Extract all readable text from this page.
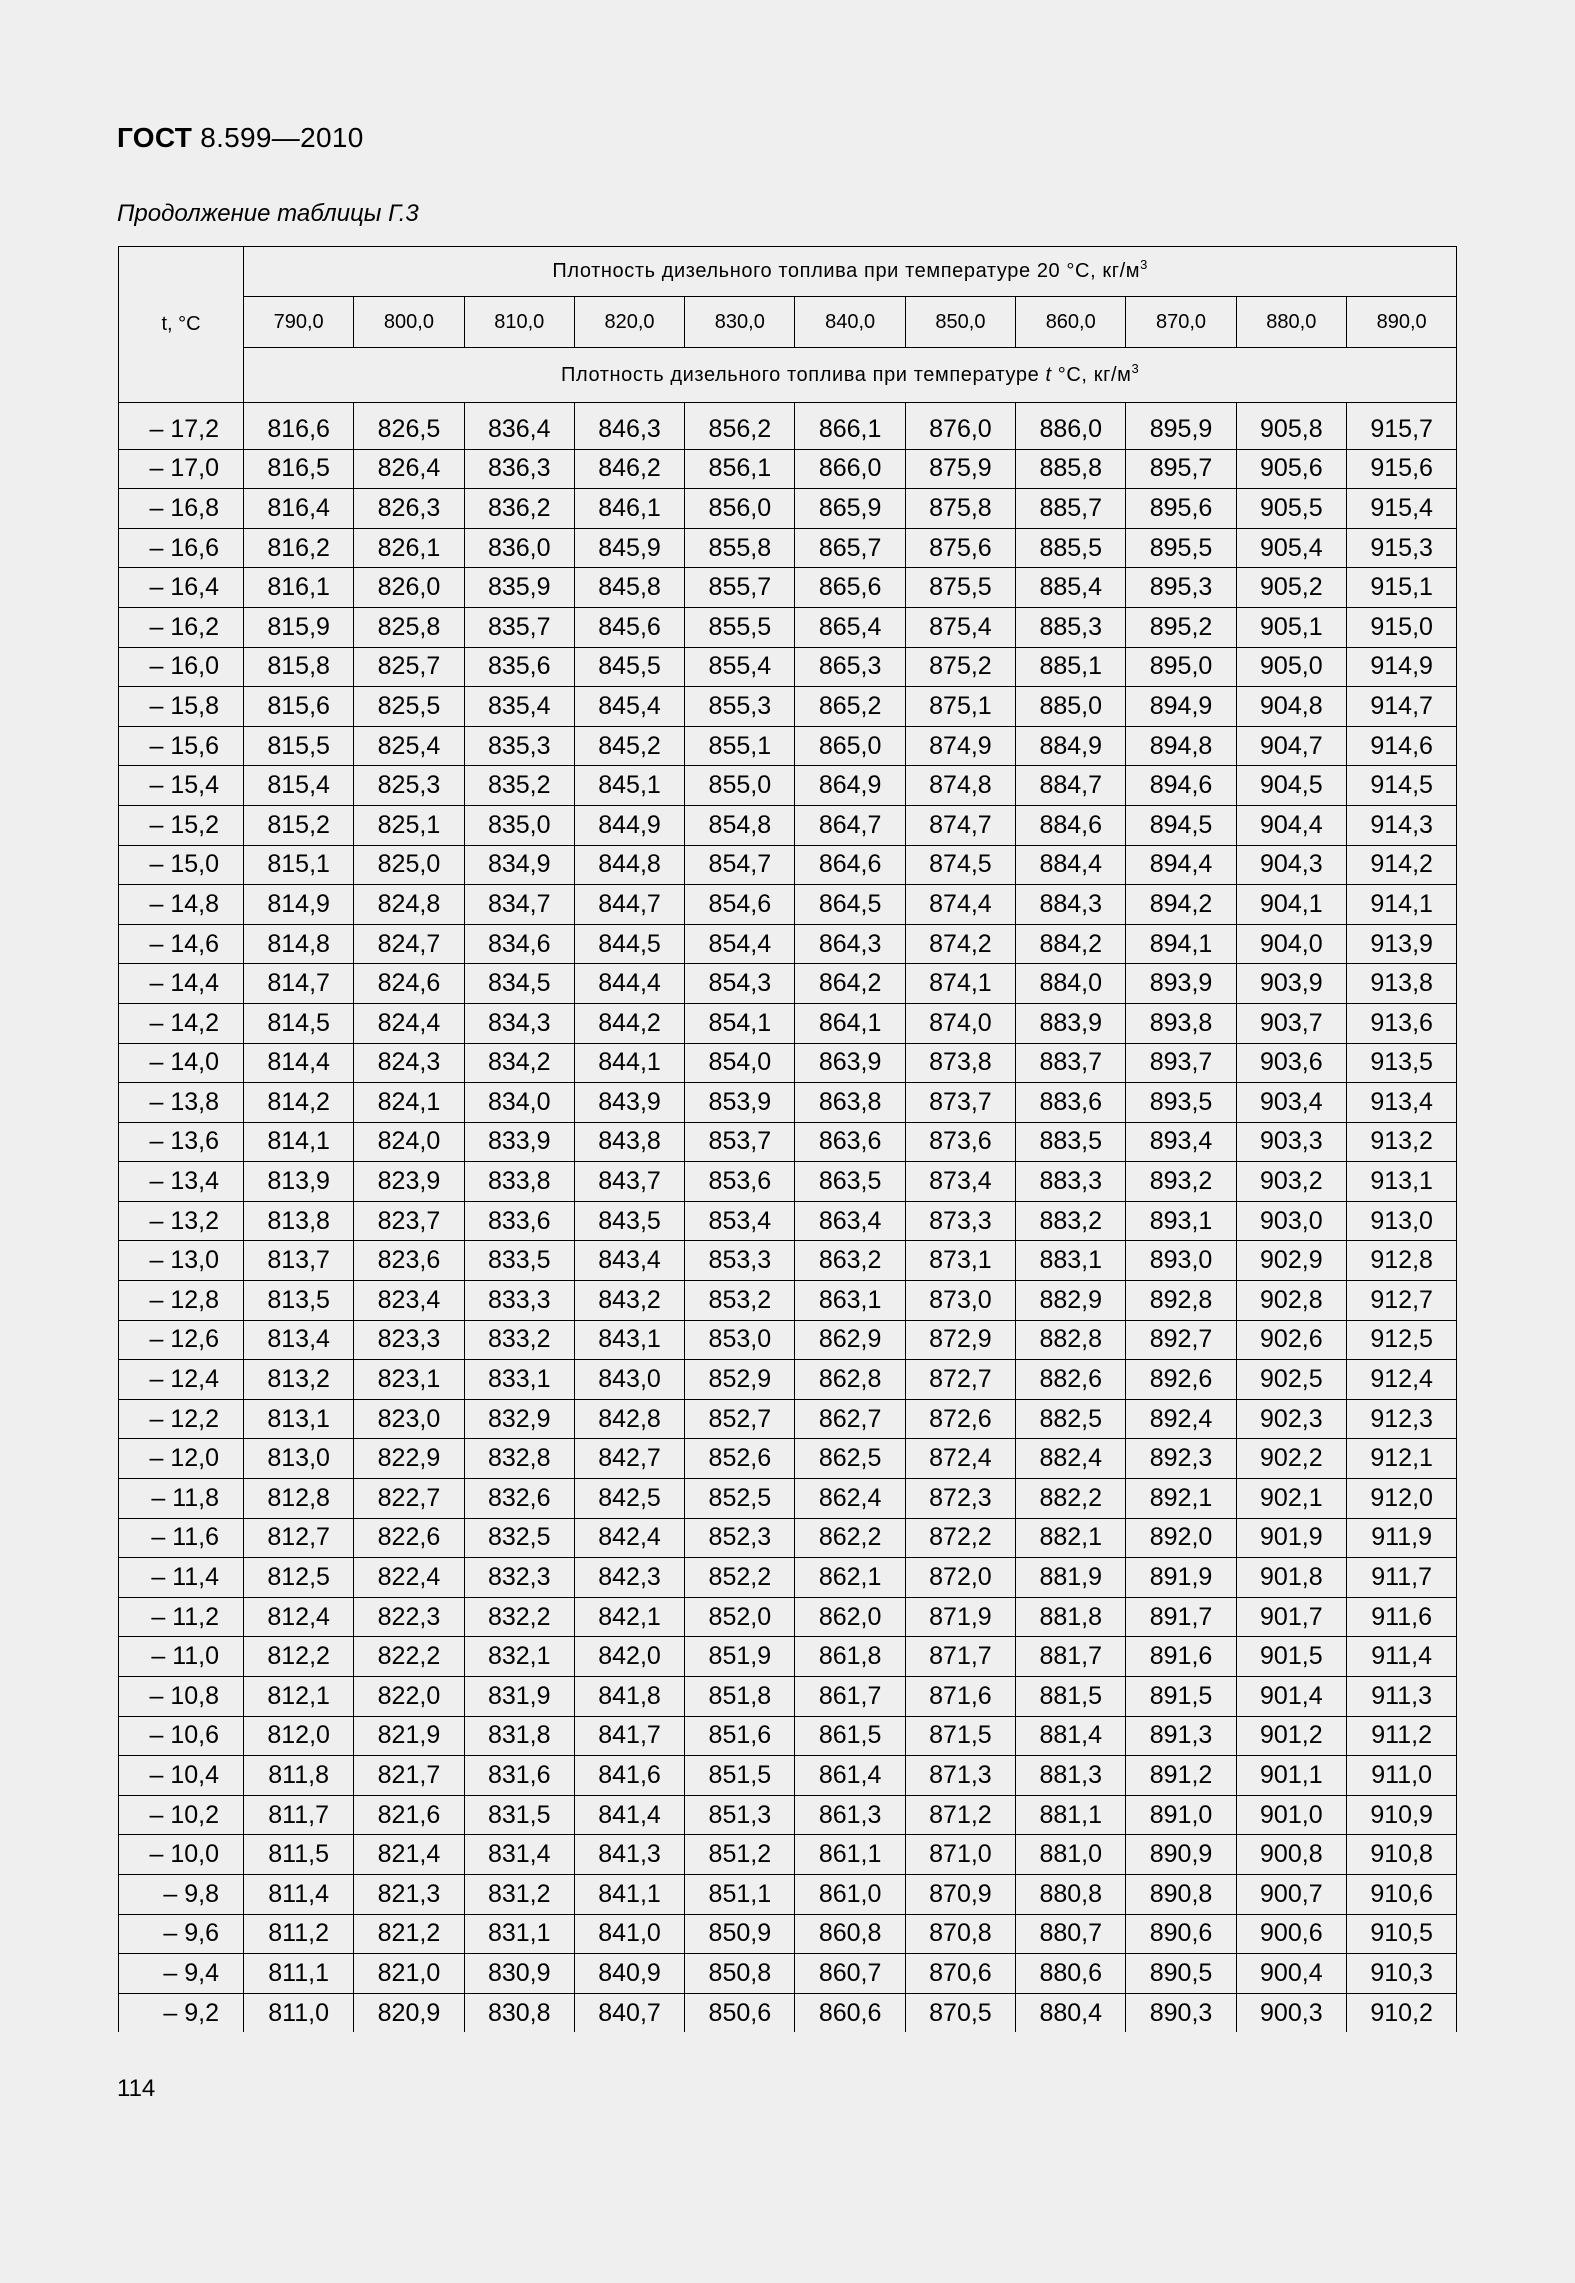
ГОСТ 8.599—2010
Продолжение таблицы Г.3
t, °С	Плотность дизельного топлива при температуре 20 °С, $кг/м^3$
	790,0	800,0	810,0	820,0	830,0	840,0	850,0	860,0	870,0	880,0	890,0
	Плотность дизельного топлива при температуре t °С, $кг/м^3$

– 17,2	816,6	826,5	836,4	846,3	856,2	866,1	876,0	886,0	895,9	905,8	915,7
– 17,0	816,5	826,4	836,3	846,2	856,1	866,0	875,9	885,8	895,7	905,6	915,6
– 16,8	816,4	826,3	836,2	846,1	856,0	865,9	875,8	885,7	895,6	905,5	915,4
– 16,6	816,2	826,1	836,0	845,9	855,8	865,7	875,6	885,5	895,5	905,4	915,3
– 16,4	816,1	826,0	835,9	845,8	855,7	865,6	875,5	885,4	895,3	905,2	915,1
– 16,2	815,9	825,8	835,7	845,6	855,5	865,4	875,4	885,3	895,2	905,1	915,0
– 16,0	815,8	825,7	835,6	845,5	855,4	865,3	875,2	885,1	895,0	905,0	914,9
– 15,8	815,6	825,5	835,4	845,4	855,3	865,2	875,1	885,0	894,9	904,8	914,7
– 15,6	815,5	825,4	835,3	845,2	855,1	865,0	874,9	884,9	894,8	904,7	914,6
– 15,4	815,4	825,3	835,2	845,1	855,0	864,9	874,8	884,7	894,6	904,5	914,5
– 15,2	815,2	825,1	835,0	844,9	854,8	864,7	874,7	884,6	894,5	904,4	914,3
– 15,0	815,1	825,0	834,9	844,8	854,7	864,6	874,5	884,4	894,4	904,3	914,2
– 14,8	814,9	824,8	834,7	844,7	854,6	864,5	874,4	884,3	894,2	904,1	914,1
– 14,6	814,8	824,7	834,6	844,5	854,4	864,3	874,2	884,2	894,1	904,0	913,9
– 14,4	814,7	824,6	834,5	844,4	854,3	864,2	874,1	884,0	893,9	903,9	913,8
– 14,2	814,5	824,4	834,3	844,2	854,1	864,1	874,0	883,9	893,8	903,7	913,6
– 14,0	814,4	824,3	834,2	844,1	854,0	863,9	873,8	883,7	893,7	903,6	913,5
– 13,8	814,2	824,1	834,0	843,9	853,9	863,8	873,7	883,6	893,5	903,4	913,4
– 13,6	814,1	824,0	833,9	843,8	853,7	863,6	873,6	883,5	893,4	903,3	913,2
– 13,4	813,9	823,9	833,8	843,7	853,6	863,5	873,4	883,3	893,2	903,2	913,1
– 13,2	813,8	823,7	833,6	843,5	853,4	863,4	873,3	883,2	893,1	903,0	913,0
– 13,0	813,7	823,6	833,5	843,4	853,3	863,2	873,1	883,1	893,0	902,9	912,8
– 12,8	813,5	823,4	833,3	843,2	853,2	863,1	873,0	882,9	892,8	902,8	912,7
– 12,6	813,4	823,3	833,2	843,1	853,0	862,9	872,9	882,8	892,7	902,6	912,5
– 12,4	813,2	823,1	833,1	843,0	852,9	862,8	872,7	882,6	892,6	902,5	912,4
– 12,2	813,1	823,0	832,9	842,8	852,7	862,7	872,6	882,5	892,4	902,3	912,3
– 12,0	813,0	822,9	832,8	842,7	852,6	862,5	872,4	882,4	892,3	902,2	912,1
– 11,8	812,8	822,7	832,6	842,5	852,5	862,4	872,3	882,2	892,1	902,1	912,0
– 11,6	812,7	822,6	832,5	842,4	852,3	862,2	872,2	882,1	892,0	901,9	911,9
– 11,4	812,5	822,4	832,3	842,3	852,2	862,1	872,0	881,9	891,9	901,8	911,7
– 11,2	812,4	822,3	832,2	842,1	852,0	862,0	871,9	881,8	891,7	901,7	911,6
– 11,0	812,2	822,2	832,1	842,0	851,9	861,8	871,7	881,7	891,6	901,5	911,4
– 10,8	812,1	822,0	831,9	841,8	851,8	861,7	871,6	881,5	891,5	901,4	911,3
– 10,6	812,0	821,9	831,8	841,7	851,6	861,5	871,5	881,4	891,3	901,2	911,2
– 10,4	811,8	821,7	831,6	841,6	851,5	861,4	871,3	881,3	891,2	901,1	911,0
– 10,2	811,7	821,6	831,5	841,4	851,3	861,3	871,2	881,1	891,0	901,0	910,9
– 10,0	811,5	821,4	831,4	841,3	851,2	861,1	871,0	881,0	890,9	900,8	910,8
– 9,8	811,4	821,3	831,2	841,1	851,1	861,0	870,9	880,8	890,8	900,7	910,6
– 9,6	811,2	821,2	831,1	841,0	850,9	860,8	870,8	880,7	890,6	900,6	910,5
– 9,4	811,1	821,0	830,9	840,9	850,8	860,7	870,6	880,6	890,5	900,4	910,3
– 9,2	811,0	820,9	830,8	840,7	850,6	860,6	870,5	880,4	890,3	900,3	910,2
114
